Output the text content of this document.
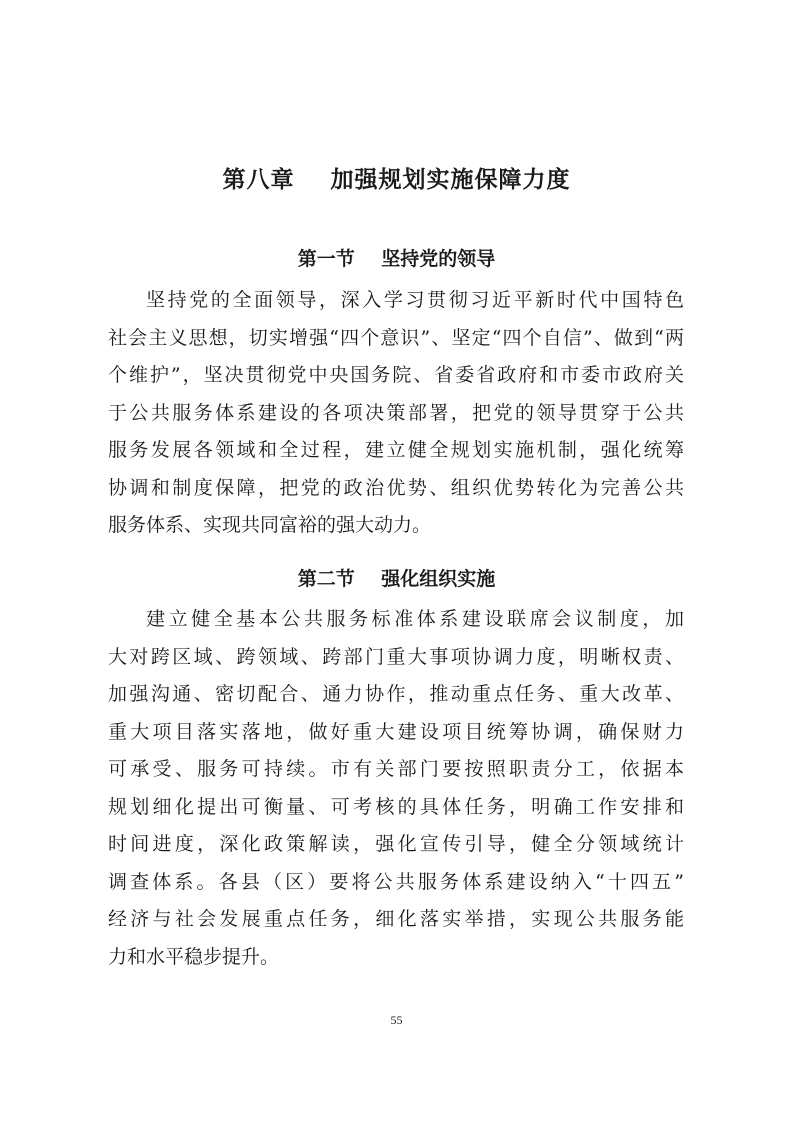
第八章    加强规划实施保障力度
第一节    坚持党的领导
坚持党的全面领导，深入学习贯彻习近平新时代中国特色
社会主义思想，切实增强“四个意识”、坚定“四个自信”、做到“两
个维护”，坚决贯彻党中央国务院、省委省政府和市委市政府关
于公共服务体系建设的各项决策部署，把党的领导贯穿于公共
服务发展各领域和全过程，建立健全规划实施机制，强化统筹
协调和制度保障，把党的政治优势、组织优势转化为完善公共
服务体系、实现共同富裕的强大动力。
第二节    强化组织实施
建立健全基本公共服务标准体系建设联席会议制度，加
大对跨区域、跨领域、跨部门重大事项协调力度，明晰权责、
加强沟通、密切配合、通力协作，推动重点任务、重大改革、
重大项目落实落地，做好重大建设项目统筹协调，确保财力
可承受、服务可持续。市有关部门要按照职责分工，依据本
规划细化提出可衡量、可考核的具体任务，明确工作安排和
时间进度，深化政策解读，强化宣传引导，健全分领域统计
调查体系。各县（区）要将公共服务体系建设纳入“十四五”
经济与社会发展重点任务，细化落实举措，实现公共服务能
力和水平稳步提升。
55
